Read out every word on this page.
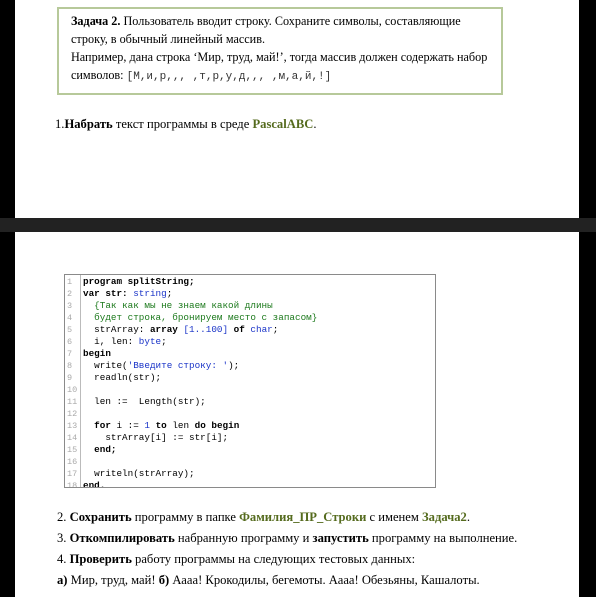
Задача 2. Пользователь вводит строку. Сохраните символы, составляющие
строку, в обычный линейный массив.
Например, дана строка ‘Мир, труд, май!’, тогда массив должен содержать набор
символов: [М,и,р,,, ,т,р,у,д,,, ,м,а,й,!]
1.Набрать текст программы в среде PascalABC.
1
2
3
4
5
6
7
8
9
10
11
12
13
14
15
16
17
18
program splitString;
var str: string;
{Так как мы не знаем какой длины
будет строка, бронируем место с запасом}
strArray: array [1..100] of char;
i, len: byte;
begin
write('Введите строку: ');
readln(str);
len :=  Length(str);
for i := 1 to len do begin
strArray[i] := str[i];
end;
writeln(strArray);
end.
2. Сохранить программу в папке Фамилия_ПР_Строки с именем Задача2.
3. Откомпилировать набранную программу и запустить программу на выполнение.
4. Проверить работу программы на следующих тестовых данных:
а) Мир, труд, май! б) Аааа! Крокодилы, бегемоты. Аааа! Обезьяны, Кашалоты.
